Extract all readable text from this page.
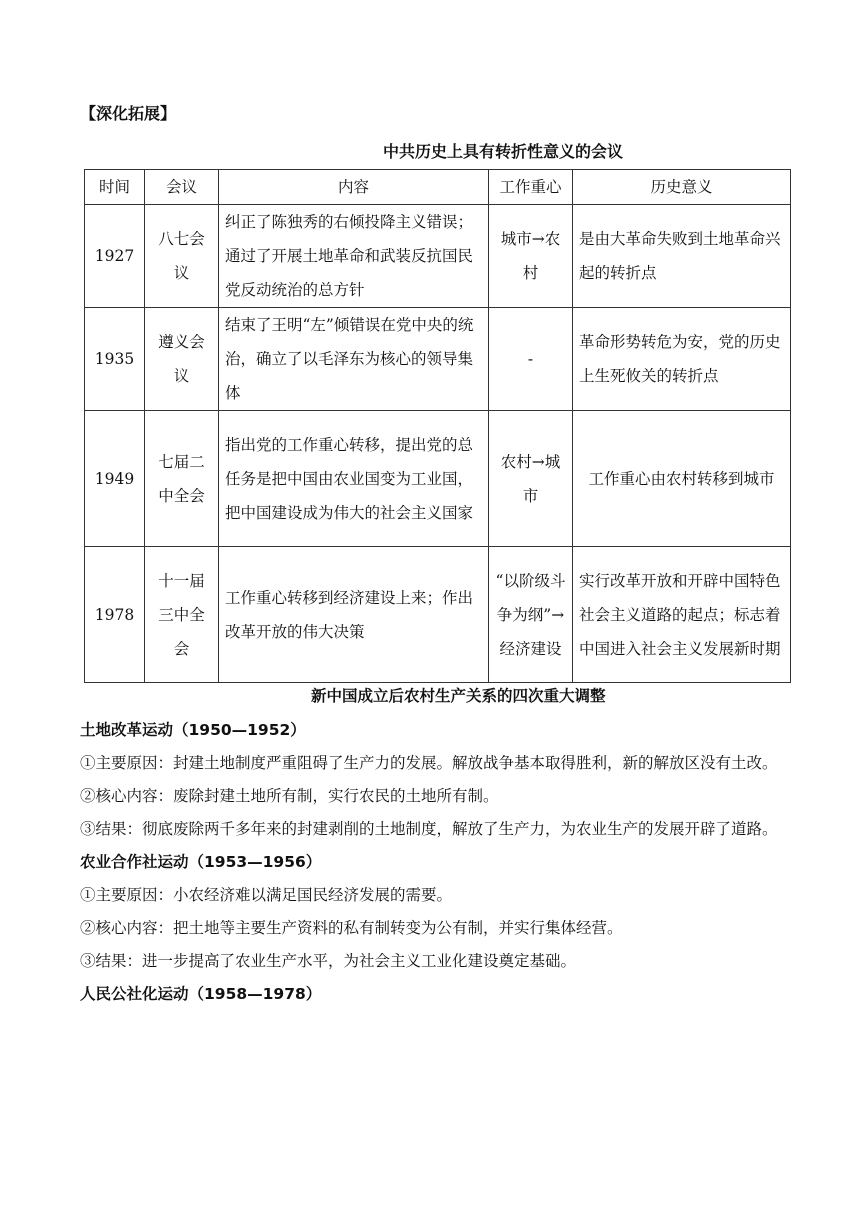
【深化拓展】
中共历史上具有转折性意义的会议
时间	会议	内容	工作重心	历史意义
1927	八七会议	纠正了陈独秀的右倾投降主义错误；通过了开展土地革命和武装反抗国民党反动统治的总方针	城市→农村	是由大革命失败到土地革命兴起的转折点
1935	遵义会议	结束了王明“左”倾错误在党中央的统治，确立了以毛泽东为核心的领导集体	-	革命形势转危为安，党的历史上生死攸关的转折点
1949	七届二中全会	指出党的工作重心转移，提出党的总任务是把中国由农业国变为工业国，把中国建设成为伟大的社会主义国家	农村→城市	工作重心由农村转移到城市
1978	十一届三中全会	工作重心转移到经济建设上来；作出改革开放的伟大决策	“以阶级斗争为纲”→经济建设	实行改革开放和开辟中国特色社会主义道路的起点；标志着中国进入社会主义发展新时期
新中国成立后农村生产关系的四次重大调整

土地改革运动（1950—1952）

①主要原因：封建土地制度严重阻碍了生产力的发展。解放战争基本取得胜利，新的解放区没有土改。

②核心内容：废除封建土地所有制，实行农民的土地所有制。

③结果：彻底废除两千多年来的封建剥削的土地制度，解放了生产力，为农业生产的发展开辟了道路。

农业合作社运动（1953—1956）

①主要原因：小农经济难以满足国民经济发展的需要。

②核心内容：把土地等主要生产资料的私有制转变为公有制，并实行集体经营。

③结果：进一步提高了农业生产水平，为社会主义工业化建设奠定基础。

人民公社化运动（1958—1978）
